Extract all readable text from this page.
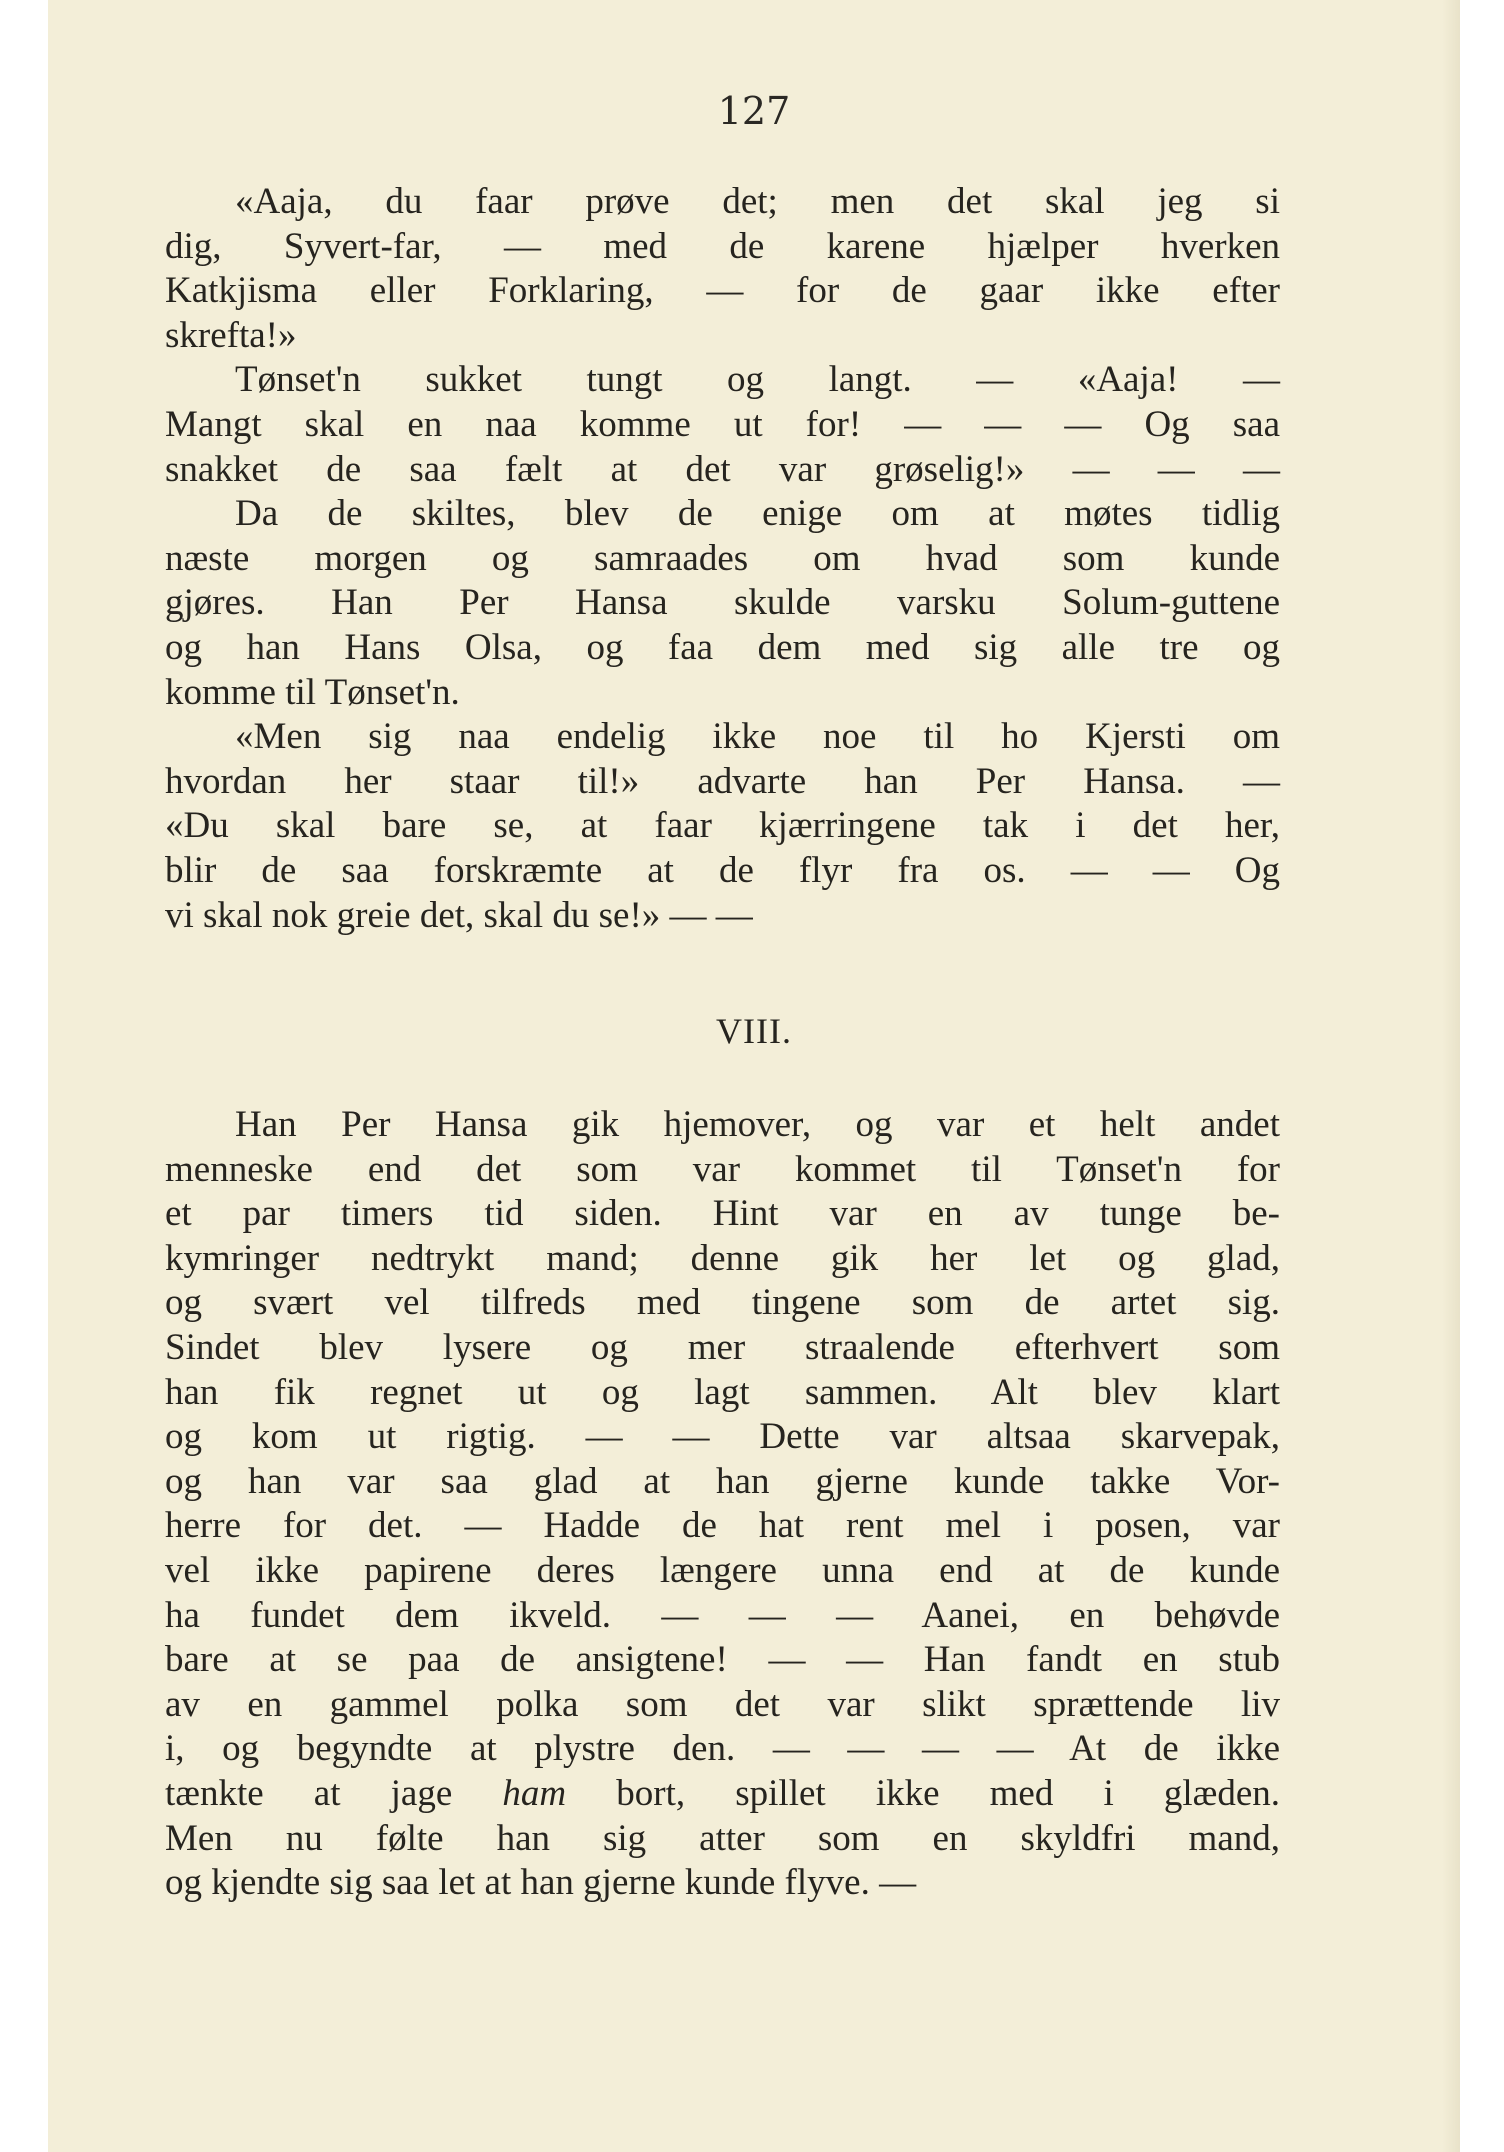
127
«Aaja, du faar prøve det; men det skal jeg si
dig, Syvert-far, — med de karene hjælper hverken
Katkjisma eller Forklaring, — for de gaar ikke efter
skrefta!»
Tønset'n sukket tungt og langt. — «Aaja! —
Mangt skal en naa komme ut for! — — — Og saa
snakket de saa fælt at det var grøselig!» — — —
Da de skiltes, blev de enige om at møtes tidlig
næste morgen og samraades om hvad som kunde
gjøres. Han Per Hansa skulde varsku Solum-guttene
og han Hans Olsa, og faa dem med sig alle tre og
komme til Tønset'n.
«Men sig naa endelig ikke noe til ho Kjersti om
hvordan her staar til!» advarte han Per Hansa. —
«Du skal bare se, at faar kjærringene tak i det her,
blir de saa forskræmte at de flyr fra os. — — Og
vi skal nok greie det, skal du se!» — —
VIII.
Han Per Hansa gik hjemover, og var et helt andet
menneske end det som var kommet til Tønset'n for
et par timers tid siden. Hint var en av tunge be-
kymringer nedtrykt mand; denne gik her let og glad,
og svært vel tilfreds med tingene som de artet sig.
Sindet blev lysere og mer straalende efterhvert som
han fik regnet ut og lagt sammen. Alt blev klart
og kom ut rigtig. — — Dette var altsaa skarvepak,
og han var saa glad at han gjerne kunde takke Vor-
herre for det. — Hadde de hat rent mel i posen, var
vel ikke papirene deres længere unna end at de kunde
ha fundet dem ikveld. — — — Aanei, en behøvde
bare at se paa de ansigtene! — — Han fandt en stub
av en gammel polka som det var slikt sprættende liv
i, og begyndte at plystre den. — — — — At de ikke
tænkte at jage ham bort, spillet ikke med i glæden.
Men nu følte han sig atter som en skyldfri mand,
og kjendte sig saa let at han gjerne kunde flyve. —
